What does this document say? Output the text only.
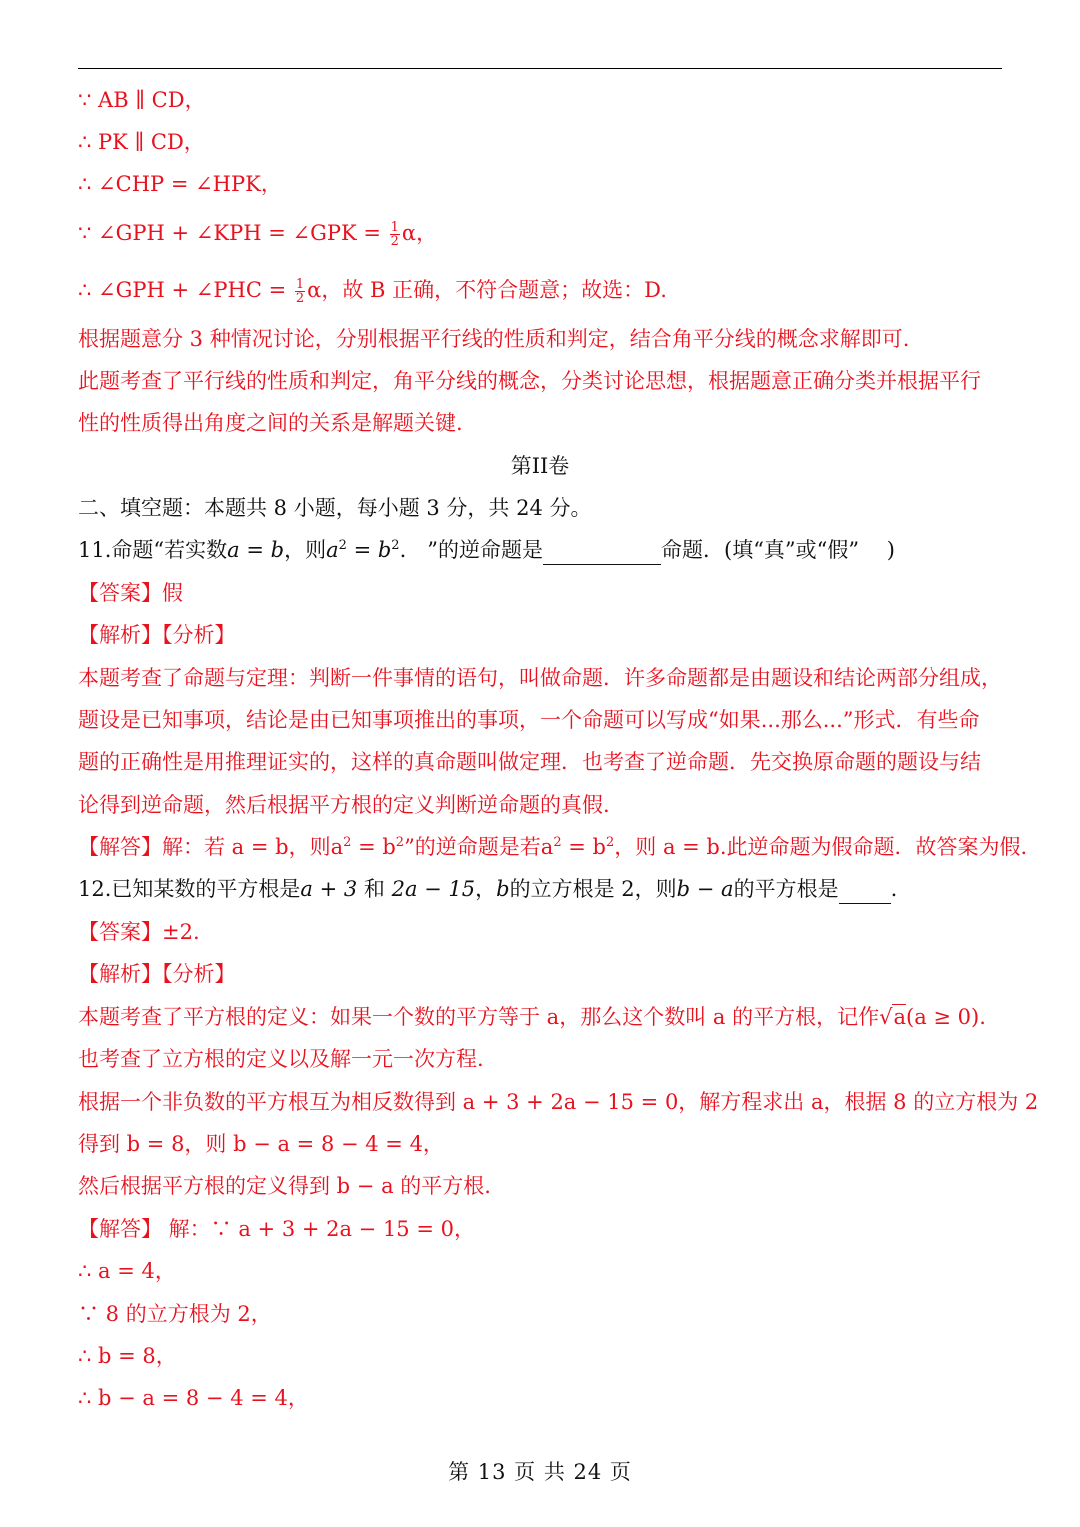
∵ AB ∥ CD，
∴ PK ∥ CD，
∴ ∠CHP = ∠HPK，
∵ ∠GPH + ∠KPH = ∠GPK = $\frac{1}{2}$ α，
∴ ∠GPH + ∠PHC = $\frac{1}{2}$ α，故 B 正确，不符合题意；故选：D.
根据题意分 3 种情况讨论，分别根据平行线的性质和判定，结合角平分线的概念求解即可.
此题考查了平行线的性质和判定，角平分线的概念，分类讨论思想，根据题意正确分类并根据平行
性的性质得出角度之间的关系是解题关键.
第II卷
二、填空题：本题共 8 小题，每小题 3 分，共 24 分。
11.命题“若实数a = b，则$a^2 = b^2$.　”的逆命题是	命题．(填“真”或“假”　 )
【答案】假
【解析】【分析】
本题考查了命题与定理：判断一件事情的语句，叫做命题．许多命题都是由题设和结论两部分组成，
题设是已知事项，结论是由已知事项推出的事项，一个命题可以写成“如果...那么...”形式．有些命
题的正确性是用推理证实的，这样的真命题叫做定理．也考查了逆命题．先交换原命题的题设与结
论得到逆命题，然后根据平方根的定义判断逆命题的真假.
【解答】解：若 a = b，则$a^2 = b^2$”的逆命题是若$a^2 = b^2$，则 a = b.此逆命题为假命题．故答案为假.
12.已知某数的平方根是a + 3 和 2a − 15，b的立方根是 2，则b − a的平方根是 .
【答案】±2.
【解析】【分析】
本题考查了平方根的定义：如果一个数的平方等于 a，那么这个数叫 a 的平方根，记作√a(a ≥ 0).
也考查了立方根的定义以及解一元一次方程.
根据一个非负数的平方根互为相反数得到 a + 3 + 2a − 15 = 0，解方程求出 a，根据 8 的立方根为 2
得到 b = 8，则 b − a = 8 − 4 = 4，
然后根据平方根的定义得到 b − a 的平方根.
【解答】 解：∵ a + 3 + 2a − 15 = 0，
∴ a = 4，
∵ 8 的立方根为 2，
∴ b = 8，
∴ b − a = 8 − 4 = 4，
第 13 页 共 24 页
